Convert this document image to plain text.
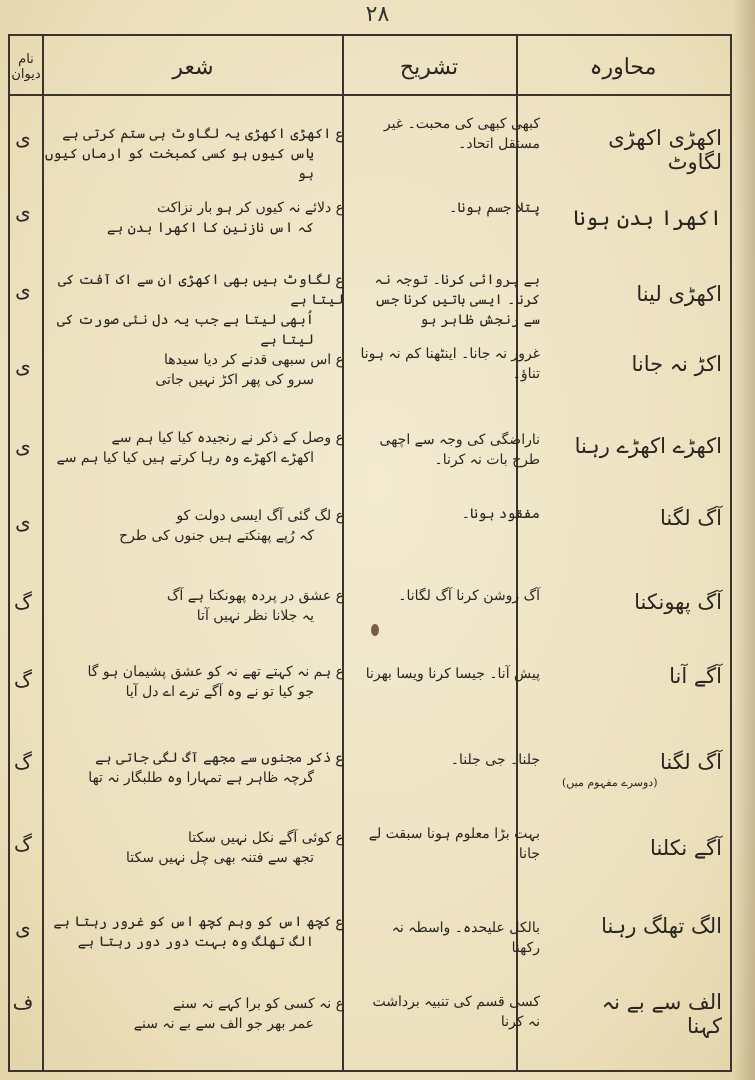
۲۸
محاورہ
تشریح
شعر
نام دیوان
اکھڑی اکھڑی لگاوٹ
کبھی کبھی کی محبت۔ غیر مستقل اتحاد۔
ع اکھڑی اکھڑی یہ لگاوٹ ہی ستم کرتی ہے
یاس کیوں ہو کسی کمبخت کو ارماں کیوں ہو
ی
اکھرا بدن ہونا
پتلا جسم ہونا۔
ع دلائے نہ کیوں کر ہو بار نزاکت
کہ اس نازنین کا اکھرا بدن ہے
ی
اکھڑی لینا
بے پروائی کرنا۔ توجہ نہ کرنا۔ ایسی باتیں کرنا جس سے رنجش ظاہر ہو
ع لگاوٹ ہیں بھی اکھڑی ان سے اک آفت کی لیتا ہے
اُبھی لیتا ہے جب یہ دل نئی صورت کی لیتا ہے
ی
اکڑ نہ جانا
غرور نہ جانا۔ اینٹھنا کم نہ ہونا تناؤ۔
ع اس سبھی قدنے کر دیا سیدھا
سرو کی پھر اکڑ نہیں جاتی
ی
اکھڑے اکھڑے رہنا
ناراضگی کی وجہ سے اچھی طرح بات نہ کرنا۔
ع وصل کے ذکر نے رنجیدہ کیا کیا ہم سے
اکھڑے اکھڑے وہ رہا کرتے ہیں کیا کیا ہم سے
ی
آگ لگنا
مفقود ہونا۔
ع لگ گئی آگ ایسی دولت کو
کہ رُپے پھنکتے ہیں جنوں کی طرح
ی
آگ پھونکنا
آگ روشن کرنا آگ لگانا۔
ع عشق در پردہ پھونکتا ہے آگ
یہ جلانا نظر نہیں آتا
گ
آگے آنا
پیش آنا۔ جیسا کرنا ویسا بھرنا
ع ہم نہ کہتے تھے نہ کو عشق پشیمان ہو گا
جو کیا تو نے وہ آگے ترے اے دل آیا
گ
آگ لگنا
(دوسرے مفہوم میں)
جلنا۔ جی جلنا۔
ع ذکر مجنوں سے مجھے آگ لگی جاتی ہے
گرچہ ظاہر ہے تمہارا وہ طلبگار نہ تھا
گ
آگے نکلنا
بہت بڑا معلوم ہونا سبقت لے جانا
ع کوئی آگے نکل نہیں سکتا
تجھ سے فتنہ بھی چل نہیں سکتا
گ
الگ تھلگ رہنا
بالکل علیحدہ۔ واسطہ نہ رکھنا
ع کچھ اس کو وہم کچھ اس کو غرور رہتا ہے
الگ تھلگ وہ بہت دور دور رہتا ہے
ی
الف سے بے نہ کہنا
کسی قسم کی تنبیہ برداشت نہ کرنا
ع نہ کسی کو برا کہے نہ سنے
عمر بھر جو الف سے بے نہ سنے
ف
